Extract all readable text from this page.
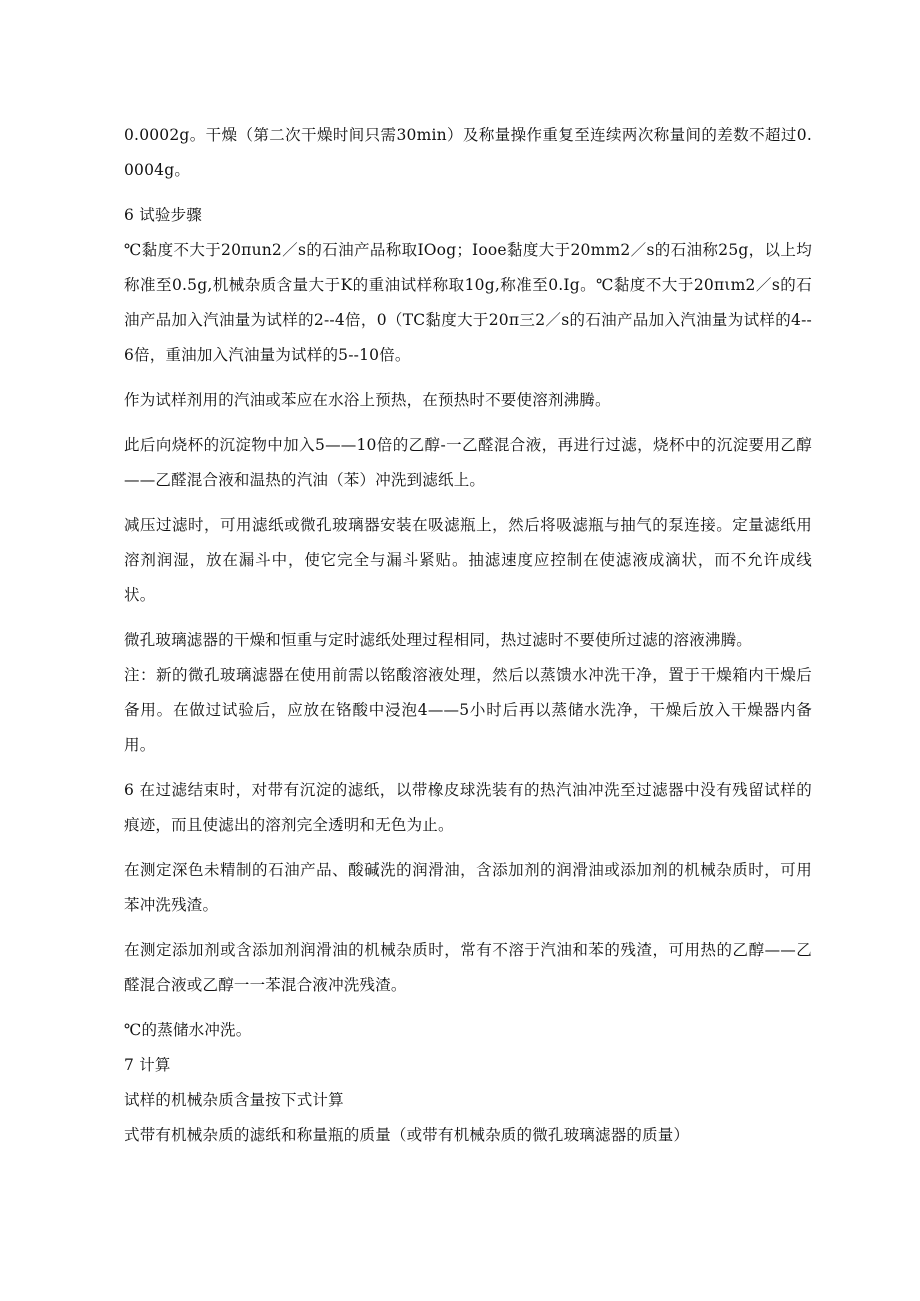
0.0002g。干燥（第二次干燥时间只需30min）及称量操作重复至连续两次称量间的差数不超过0.0004g。

6 试验步骤

℃黏度不大于20πun2／s的石油产品称取IOog；Iooe黏度大于20mm2／s的石油称25g，以上均称准至0.5g,机械杂质含量大于K的重油试样称取10g,称准至0.Ig。℃黏度不大于20πιm2／s的石油产品加入汽油量为试样的2--4倍，0（TC黏度大于20π三2／s的石油产品加入汽油量为试样的4--6倍，重油加入汽油量为试样的5--10倍。

作为试样剂用的汽油或苯应在水浴上预热，在预热时不要使溶剂沸腾。

此后向烧杯的沉淀物中加入5——10倍的乙醇-一乙醛混合液，再进行过滤，烧杯中的沉淀要用乙醇——乙醛混合液和温热的汽油（苯）冲洗到滤纸上。

减压过滤时，可用滤纸或微孔玻璃器安装在吸滤瓶上，然后将吸滤瓶与抽气的泵连接。定量滤纸用溶剂润湿，放在漏斗中，使它完全与漏斗紧贴。抽滤速度应控制在使滤液成滴状，而不允许成线状。

微孔玻璃滤器的干燥和恒重与定时滤纸处理过程相同，热过滤时不要使所过滤的溶液沸腾。

注：新的微孔玻璃滤器在使用前需以铭酸溶液处理，然后以蒸馈水冲洗干净，置于干燥箱内干燥后备用。在做过试验后，应放在铬酸中浸泡4——5小时后再以蒸储水洗净，干燥后放入干燥器内备用。

6 在过滤结束时，对带有沉淀的滤纸，以带橡皮球洗装有的热汽油冲洗至过滤器中没有残留试样的痕迹，而且使滤出的溶剂完全透明和无色为止。

在测定深色未精制的石油产品、酸碱洗的润滑油，含添加剂的润滑油或添加剂的机械杂质时，可用苯冲洗残渣。

在测定添加剂或含添加剂润滑油的机械杂质时，常有不溶于汽油和苯的残渣，可用热的乙醇——乙醛混合液或乙醇一一苯混合液冲洗残渣。

℃的蒸储水冲洗。

7 计算

试样的机械杂质含量按下式计算

式带有机械杂质的滤纸和称量瓶的质量（或带有机械杂质的微孔玻璃滤器的质量）
